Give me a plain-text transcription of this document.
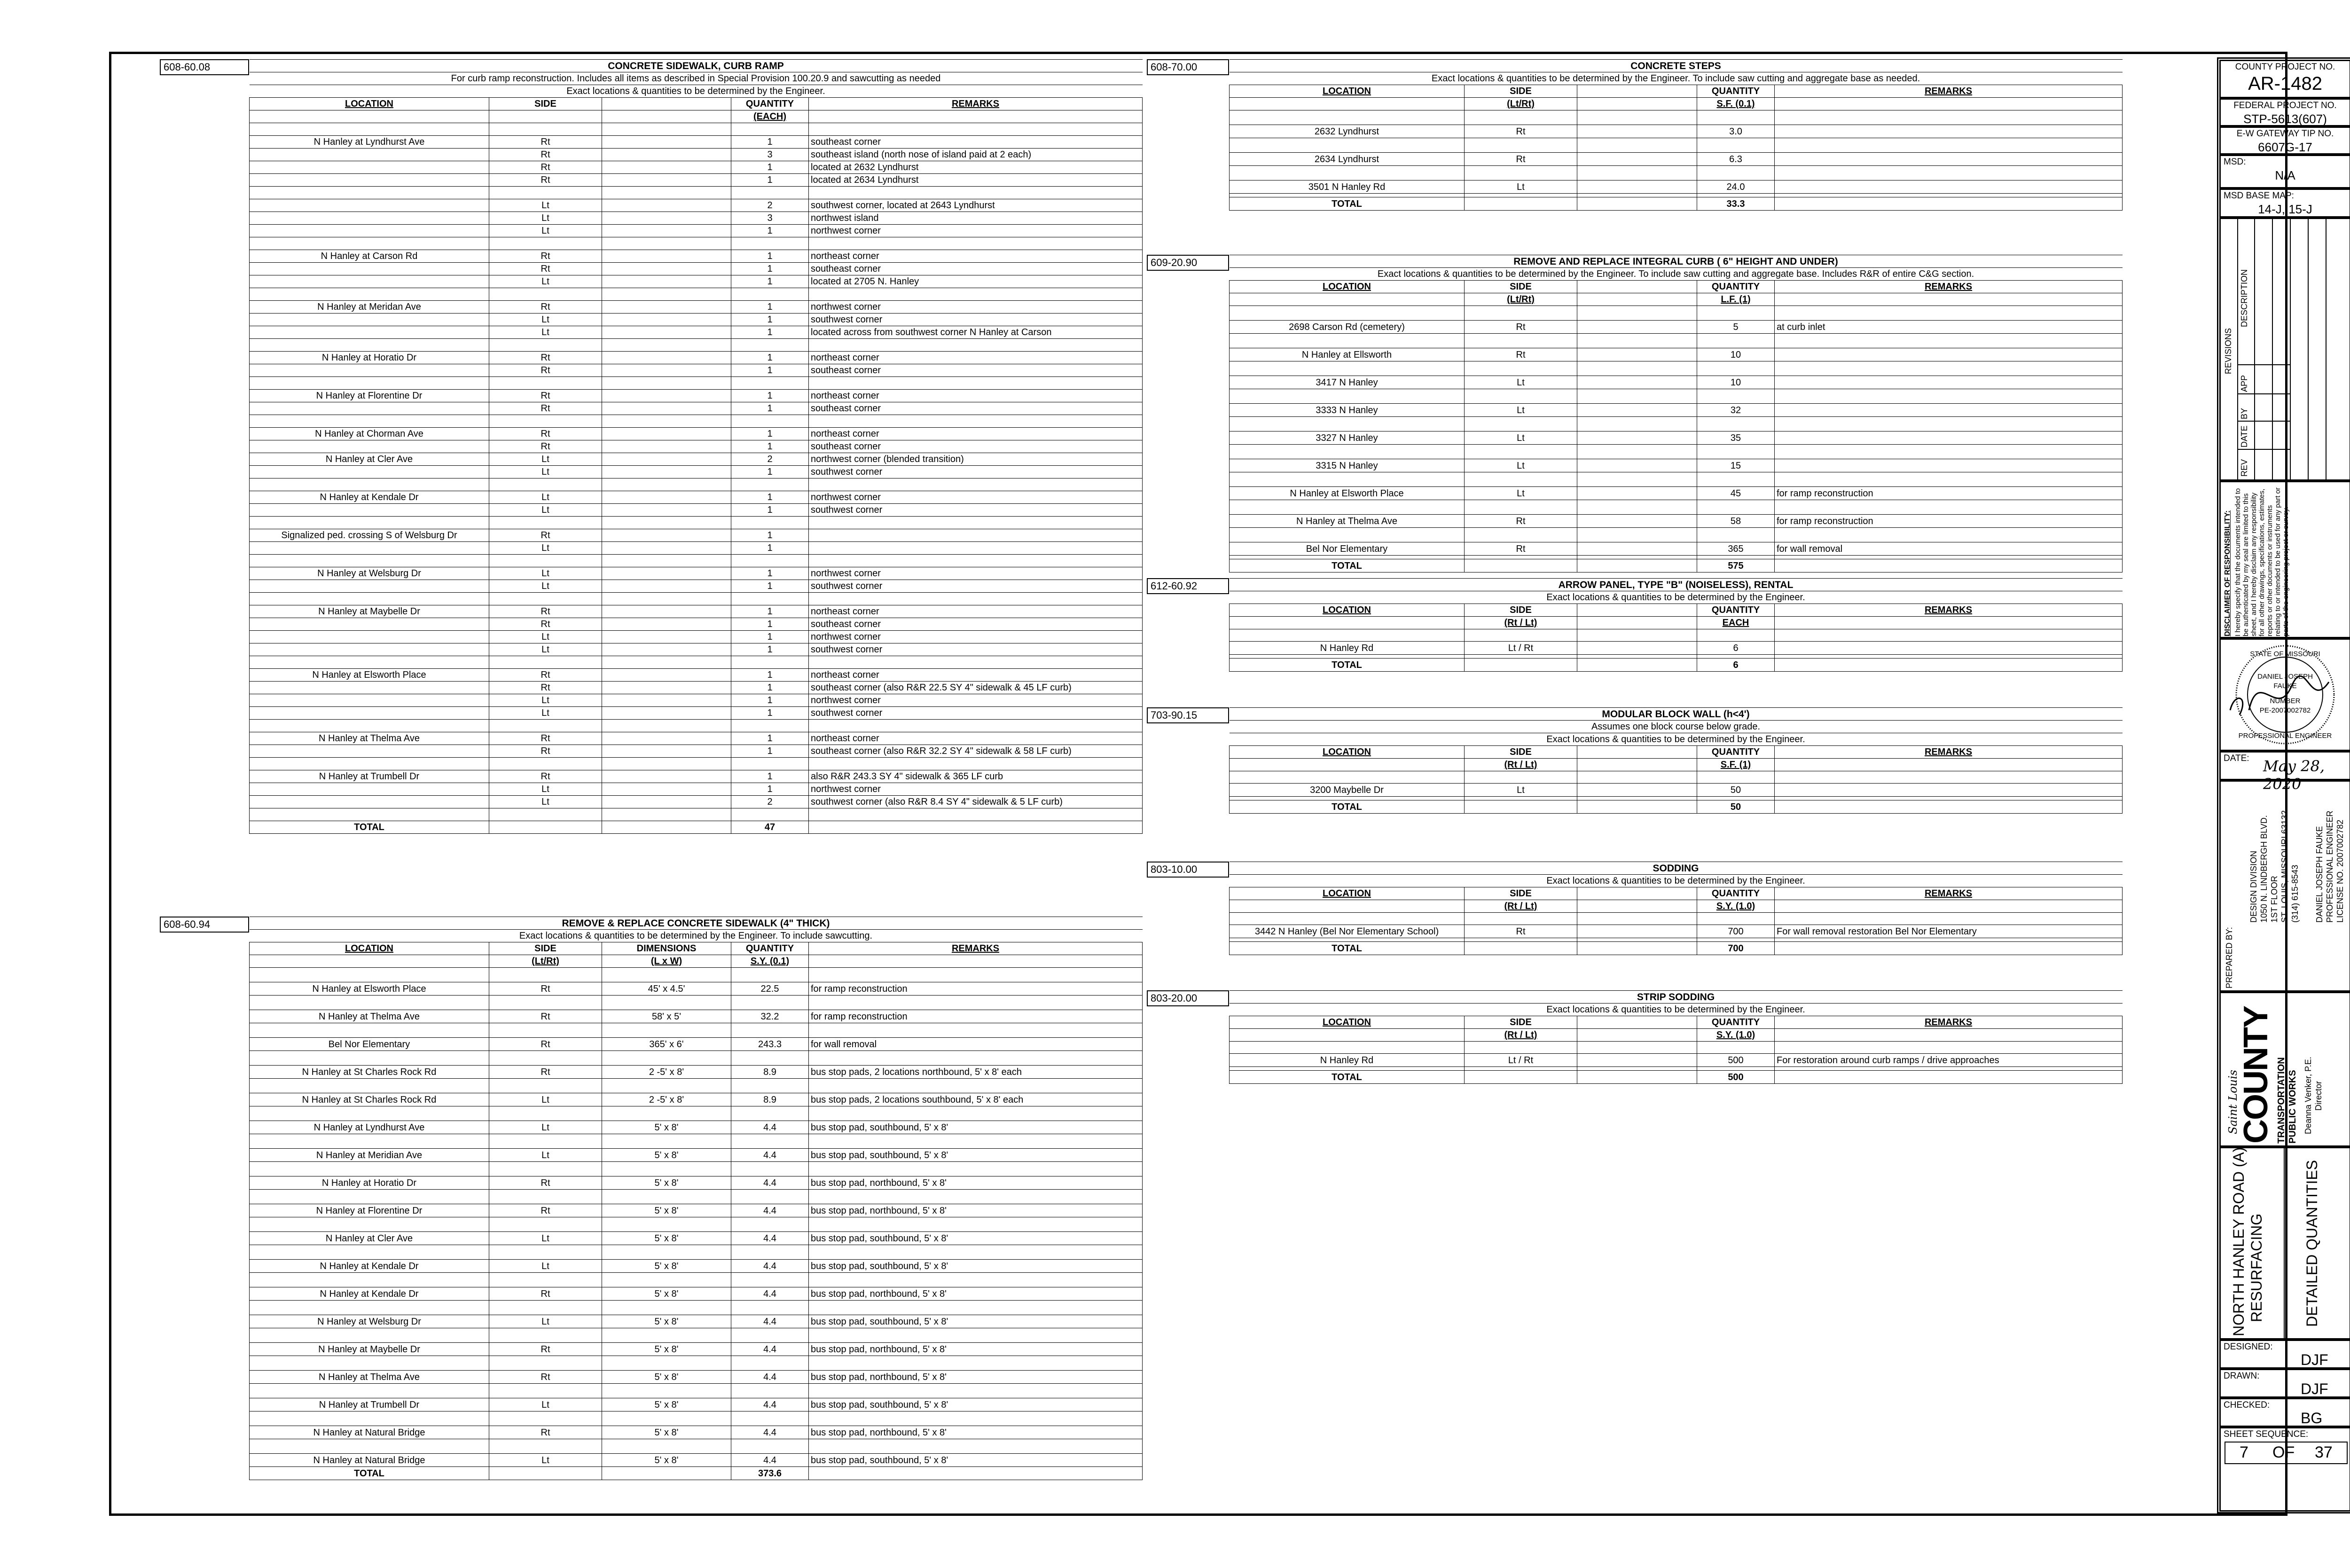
608-60.08	CONCRETE SIDEWALK, CURB RAMP				
For curb ramp reconstruction. Includes all items as described in Special Provision 100.20.9 and sawcutting as needed				
Exact locations & quantities to be determined by the Engineer.				
LOCATION	SIDE		QUANTITY	REMARKS
			(EACH)	

N Hanley at Lyndhurst Ave	Rt		1	southeast corner
	Rt		3	southeast island (north nose of island paid at 2 each)
	Rt		1	located at 2632 Lyndhurst
	Rt		1	located at 2634 Lyndhurst

	Lt		2	southwest corner, located at 2643 Lyndhurst
	Lt		3	northwest island
	Lt		1	northwest corner

N Hanley at Carson Rd	Rt		1	northeast corner
	Rt		1	southeast corner
	Lt		1	located at 2705 N. Hanley

N Hanley at Meridan Ave	Rt		1	northwest corner
	Lt		1	southwest corner
	Lt		1	located across from southwest corner N Hanley at Carson

N Hanley at Horatio Dr	Rt		1	northeast corner
	Rt		1	southeast corner

N Hanley at Florentine Dr	Rt		1	northeast corner
	Rt		1	southeast corner

N Hanley at Chorman Ave	Rt		1	northeast corner
	Rt		1	southeast corner
N Hanley at Cler Ave	Lt		2	northwest corner (blended transition)
	Lt		1	southwest corner

N Hanley at Kendale Dr	Lt		1	northwest corner
	Lt		1	southwest corner

Signalized ped. crossing S of Welsburg Dr	Rt		1	
	Lt		1	

N Hanley at Welsburg Dr	Lt		1	northwest corner
	Lt		1	southwest corner

N Hanley at Maybelle Dr	Rt		1	northeast corner
	Rt		1	southeast corner
	Lt		1	northwest corner
	Lt		1	southwest corner

N Hanley at Elsworth Place	Rt		1	northeast corner
	Rt		1	southeast corner (also R&R 22.5 SY 4" sidewalk & 45 LF curb)
	Lt		1	northwest corner
	Lt		1	southwest corner

N Hanley at Thelma Ave	Rt		1	northeast corner
	Rt		1	southeast corner (also R&R 32.2 SY 4" sidewalk & 58 LF curb)

N Hanley at Trumbell Dr	Rt		1	also R&R 243.3 SY 4" sidewalk & 365 LF curb
	Lt		1	northwest corner
	Lt		2	southwest corner (also R&R 8.4 SY 4" sidewalk & 5 LF curb)

TOTAL			47	
608-60.94	REMOVE & REPLACE CONCRETE SIDEWALK (4" THICK)				
Exact locations & quantities to be determined by the Engineer. To include sawcutting.				
LOCATION	SIDE	DIMENSIONS	QUANTITY	REMARKS
	(Lt/Rt)	(L x W)	S.Y. (0.1)	

N Hanley at Elsworth Place	Rt	45' x 4.5'	22.5	for ramp reconstruction

N Hanley at Thelma Ave	Rt	58' x 5'	32.2	for ramp reconstruction

Bel Nor Elementary	Rt	365' x 6'	243.3	for wall removal

N Hanley at St Charles Rock Rd	Rt	2 -5' x 8'	8.9	bus stop pads, 2 locations northbound, 5' x 8' each

N Hanley at St Charles Rock Rd	Lt	2 -5' x 8'	8.9	bus stop pads, 2 locations southbound, 5' x 8' each

N Hanley at Lyndhurst Ave	Lt	5' x 8'	4.4	bus stop pad, southbound, 5' x 8'

N Hanley at Meridian Ave	Lt	5' x 8'	4.4	bus stop pad, southbound, 5' x 8'

N Hanley at Horatio Dr	Rt	5' x 8'	4.4	bus stop pad, northbound, 5' x 8'

N Hanley at Florentine Dr	Rt	5' x 8'	4.4	bus stop pad, northbound, 5' x 8'

N Hanley at Cler Ave	Lt	5' x 8'	4.4	bus stop pad, southbound, 5' x 8'

N Hanley at Kendale Dr	Lt	5' x 8'	4.4	bus stop pad, southbound, 5' x 8'

N Hanley at Kendale Dr	Rt	5' x 8'	4.4	bus stop pad, northbound, 5' x 8'

N Hanley at Welsburg Dr	Lt	5' x 8'	4.4	bus stop pad, southbound, 5' x 8'

N Hanley at Maybelle Dr	Rt	5' x 8'	4.4	bus stop pad, northbound, 5' x 8'

N Hanley at Thelma Ave	Rt	5' x 8'	4.4	bus stop pad, northbound, 5' x 8'

N Hanley at Trumbell Dr	Lt	5' x 8'	4.4	bus stop pad, southbound, 5' x 8'

N Hanley at Natural Bridge	Rt	5' x 8'	4.4	bus stop pad, northbound, 5' x 8'

N Hanley at Natural Bridge	Lt	5' x 8'	4.4	bus stop pad, southbound, 5' x 8'
TOTAL			373.6	
608-70.00	CONCRETE STEPS				
Exact locations & quantities to be determined by the Engineer. To include saw cutting and aggregate base as needed.				
LOCATION	SIDE		QUANTITY	REMARKS
	(Lt/Rt)		S.F. (0.1)	

2632 Lyndhurst	Rt		3.0	

2634 Lyndhurst	Rt		6.3	

3501 N Hanley Rd	Lt		24.0	

TOTAL			33.3	
609-20.90	REMOVE AND REPLACE INTEGRAL CURB ( 6" HEIGHT AND UNDER)				
Exact locations & quantities to be determined by the Engineer. To include saw cutting and aggregate base. Includes R&R of entire C&G section.				
LOCATION	SIDE		QUANTITY	REMARKS
	(Lt/Rt)		L.F. (1)	

2698 Carson Rd (cemetery)	Rt		5	at curb inlet

N Hanley at Ellsworth	Rt		10	

3417 N Hanley	Lt		10	

3333 N Hanley	Lt		32	

3327 N Hanley	Lt		35	

3315 N Hanley	Lt		15	

N Hanley at Elsworth Place	Lt		45	for ramp reconstruction

N Hanley at Thelma Ave	Rt		58	for ramp reconstruction

Bel Nor Elementary	Rt		365	for wall removal

TOTAL			575	
612-60.92	ARROW PANEL, TYPE "B" (NOISELESS), RENTAL				
Exact locations & quantities to be determined by the Engineer.				
LOCATION	SIDE		QUANTITY	REMARKS
	(Rt / Lt)		EACH	

N Hanley Rd	Lt / Rt		6	

TOTAL			6	
703-90.15	MODULAR BLOCK WALL (h<4')				
Assumes one block course below grade.				
Exact locations & quantities to be determined by the Engineer.				
LOCATION	SIDE		QUANTITY	REMARKS
	(Rt / Lt)		S.F. (1)	

3200 Maybelle Dr	Lt		50	

TOTAL			50	
803-10.00	SODDING				
Exact locations & quantities to be determined by the Engineer.				
LOCATION	SIDE		QUANTITY	REMARKS
	(Rt / Lt)		S.Y. (1.0)	

3442 N Hanley (Bel Nor Elementary School)	Rt		700	For wall removal restoration Bel Nor Elementary

TOTAL			700	
803-20.00	STRIP SODDING				
Exact locations & quantities to be determined by the Engineer.				
LOCATION	SIDE		QUANTITY	REMARKS
	(Rt / Lt)		S.Y. (1.0)	

N Hanley Rd	Lt / Rt		500	For restoration around curb ramps / drive approaches

TOTAL			500	
COUNTY PROJECT NO.
AR-1482
FEDERAL PROJECT NO.
STP-5613(607)
E-W GATEWAY TIP NO.
6607G-17
MSD:
N/A
MSD BASE MAP:
14-J, 15-J
REVISIONS
REV
DATE
BY
APP
DESCRIPTION
DISCLAIMER OF RESPONSIBILITY: I hereby specify that the documents intended to be authenticated by my seal are limited to this sheet, and I hereby disclaim any responsibility for all other drawings, specifications, estimates, reports or other documents or instruments relating to or intended to be used for any part or parts of the engineering project or survey.
STATE OF MISSOURI
DANIEL JOSEPH
FAUKE
NUMBER
PE-2007002782
PROFESSIONAL ENGINEER
DATE: May 28, 2020
PREPARED BY:
DESIGN DIVISION 1050 N. LINDBERGH BLVD. 1ST FLOOR ST. LOUIS, MISSOURI 63132 (314) 615-8543 DANIEL JOSEPH FAUKE PROFESSIONAL ENGINEER LICENSE NO. 2007002782
Saint Louis
COUNTY TRANSPORTATION PUBLIC WORKS Deanna Venker, P.E. Director
NORTH HANLEY ROAD (A) RESURFACING	DETAILED QUANTITIES
DESIGNED:
DJF
DRAWN:
DJF
CHECKED:
BG
SHEET SEQUENCE:
7 OF 37
